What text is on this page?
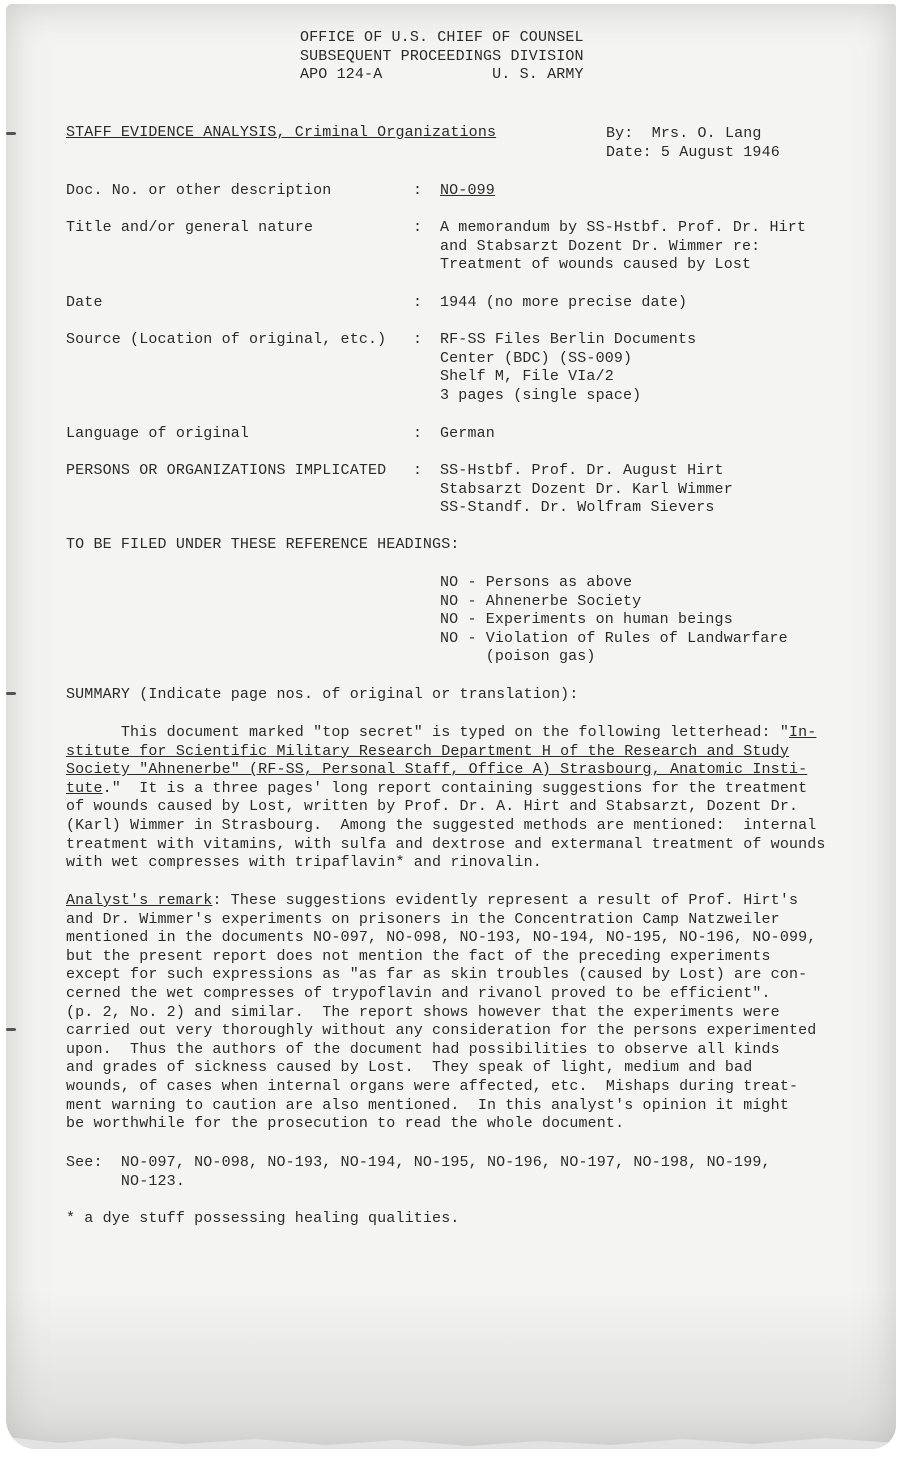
OFFICE OF U.S. CHIEF OF COUNSEL
SUBSEQUENT PROCEEDINGS DIVISION
APO 124-A            U. S. ARMY
STAFF EVIDENCE ANALYSIS, Criminal Organizations	By:  Mrs. O. Lang
Date: 5 August 1946
Doc. No. or other description	: NO-099
Title and/or general nature	: A memorandum by SS-Hstbf. Prof. Dr. Hirt
and Stabsarzt Dozent Dr. Wimmer re:
Treatment of wounds caused by Lost
Date	: 1944 (no more precise date)
Source (Location of original, etc.) : RF-SS Files Berlin Documents
Center (BDC) (SS-009)
Shelf M, File VIa/2
3 pages (single space)
Language of original	: German
PERSONS OR ORGANIZATIONS IMPLICATED : SS-Hstbf. Prof. Dr. August Hirt
Stabsarzt Dozent Dr. Karl Wimmer
SS-Standf. Dr. Wolfram Sievers
TO BE FILED UNDER THESE REFERENCE HEADINGS:
NO - Persons as above
NO - Ahnenerbe Society
NO - Experiments on human beings
NO - Violation of Rules of Landwarfare
(poison gas)
SUMMARY (Indicate page nos. of original or translation):
This document marked "top secret" is typed on the following letterhead: "In-
stitute for Scientific Military Research Department H of the Research and Study
Society "Ahnenerbe" (RF-SS, Personal Staff, Office A) Strasbourg, Anatomic Insti-
tute."  It is a three pages' long report containing suggestions for the treatment
of wounds caused by Lost, written by Prof. Dr. A. Hirt and Stabsarzt, Dozent Dr.
(Karl) Wimmer in Strasbourg.  Among the suggested methods are mentioned:  internal
treatment with vitamins, with sulfa and dextrose and extermanal treatment of wounds
with wet compresses with tripaflavin* and rinovalin.
Analyst's remark: These suggestions evidently represent a result of Prof. Hirt's
and Dr. Wimmer's experiments on prisoners in the Concentration Camp Natzweiler
mentioned in the documents NO-097, NO-098, NO-193, NO-194, NO-195, NO-196, NO-099,
but the present report does not mention the fact of the preceding experiments
except for such expressions as "as far as skin troubles (caused by Lost) are con-
cerned the wet compresses of trypoflavin and rivanol proved to be efficient".
(p. 2, No. 2) and similar.  The report shows however that the experiments were
carried out very thoroughly without any consideration for the persons experimented
upon.  Thus the authors of the document had possibilities to observe all kinds
and grades of sickness caused by Lost.  They speak of light, medium and bad
wounds, of cases when internal organs were affected, etc.  Mishaps during treat-
ment warning to caution are also mentioned.  In this analyst's opinion it might
be worthwhile for the prosecution to read the whole document.
See:  NO-097, NO-098, NO-193, NO-194, NO-195, NO-196, NO-197, NO-198, NO-199,
NO-123.
* a dye stuff possessing healing qualities.
